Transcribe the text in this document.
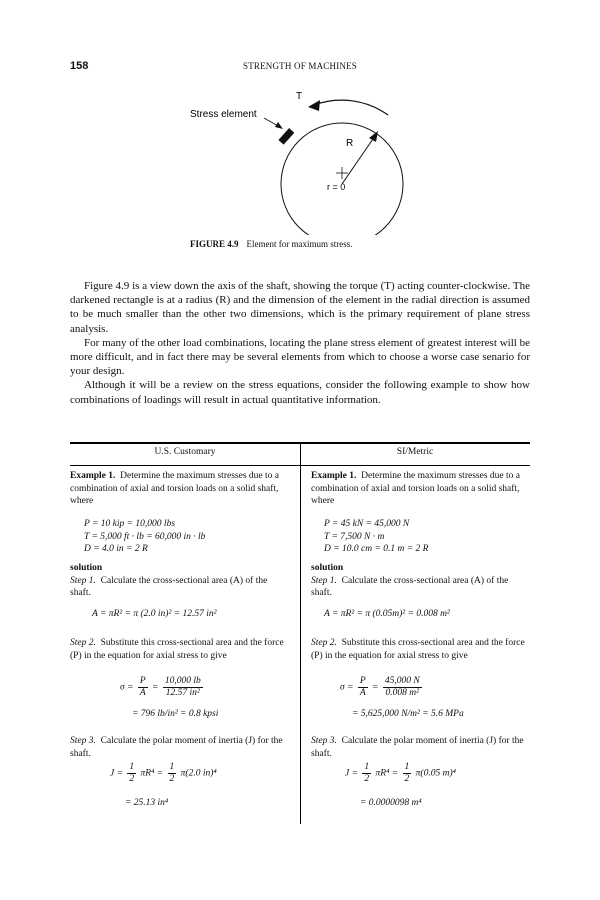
158	STRENGTH OF MACHINES
Stress element
T
R
r = 0
FIGURE 4.9 Element for maximum stress.

Figure 4.9 is a view down the axis of the shaft, showing the torque (T) acting counter-clockwise. The darkened rectangle is at a radius (R) and the dimension of the element in the radial direction is assumed to be much smaller than the other two dimensions, which is the primary requirement of plane stress analysis.

For many of the other load combinations, locating the plane stress element of greatest interest will be more difficult, and in fact there may be several elements from which to choose a worse case senario for your design.

Although it will be a review on the stress equations, consider the following example to show how combinations of loadings will result in actual quantitative information.

U.S. Customary	SI/Metric

Example 1. Determine the maximum stresses due to a combination of axial and torsion loads on a solid shaft, where

P = 10 kip = 10,000 lbs
T = 5,000 ft · lb = 60,000 in · lb
D = 4.0 in = 2 R

solution

Step 1. Calculate the cross-sectional area (A) of the shaft.

A = πR² = π (2.0 in)² = 12.57 in²

Step 2. Substitute this cross-sectional area and the force (P) in the equation for axial stress to give

$\sigma = \frac{P}{A} = \frac{10,000 lb}{\text{12.57 in²}}$
= 796 lb/in² = 0.8 kpsi

Step 3. Calculate the polar moment of inertia (J) for the shaft.

$J = \frac{1}{2} \pi R^4 = \frac{1}{2} \pi(2.0$ in)⁴
= 25.13 in⁴

Example 1. Determine the maximum stresses due to a combination of axial and torsion loads on a solid shaft, where

P = 45 kN = 45,000 N
T = 7,500 N · m
D = 10.0 cm = 0.1 m = 2 R

solution

Step 1. Calculate the cross-sectional area (A) of the shaft.

A = πR² = π (0.05m)² = 0.008 m²

Step 2. Substitute this cross-sectional area and the force (P) in the equation for axial stress to give

$\sigma = \frac{P}{A} = \frac{45,000 N}{\text{0.008 m²}}$
= 5,625,000 N/m² = 5.6 MPa

Step 3. Calculate the polar moment of inertia (J) for the shaft.

$J = \frac{1}{2} \pi R^4 = \frac{1}{2} \pi(0.05$ m)⁴
= 0.0000098 m⁴
